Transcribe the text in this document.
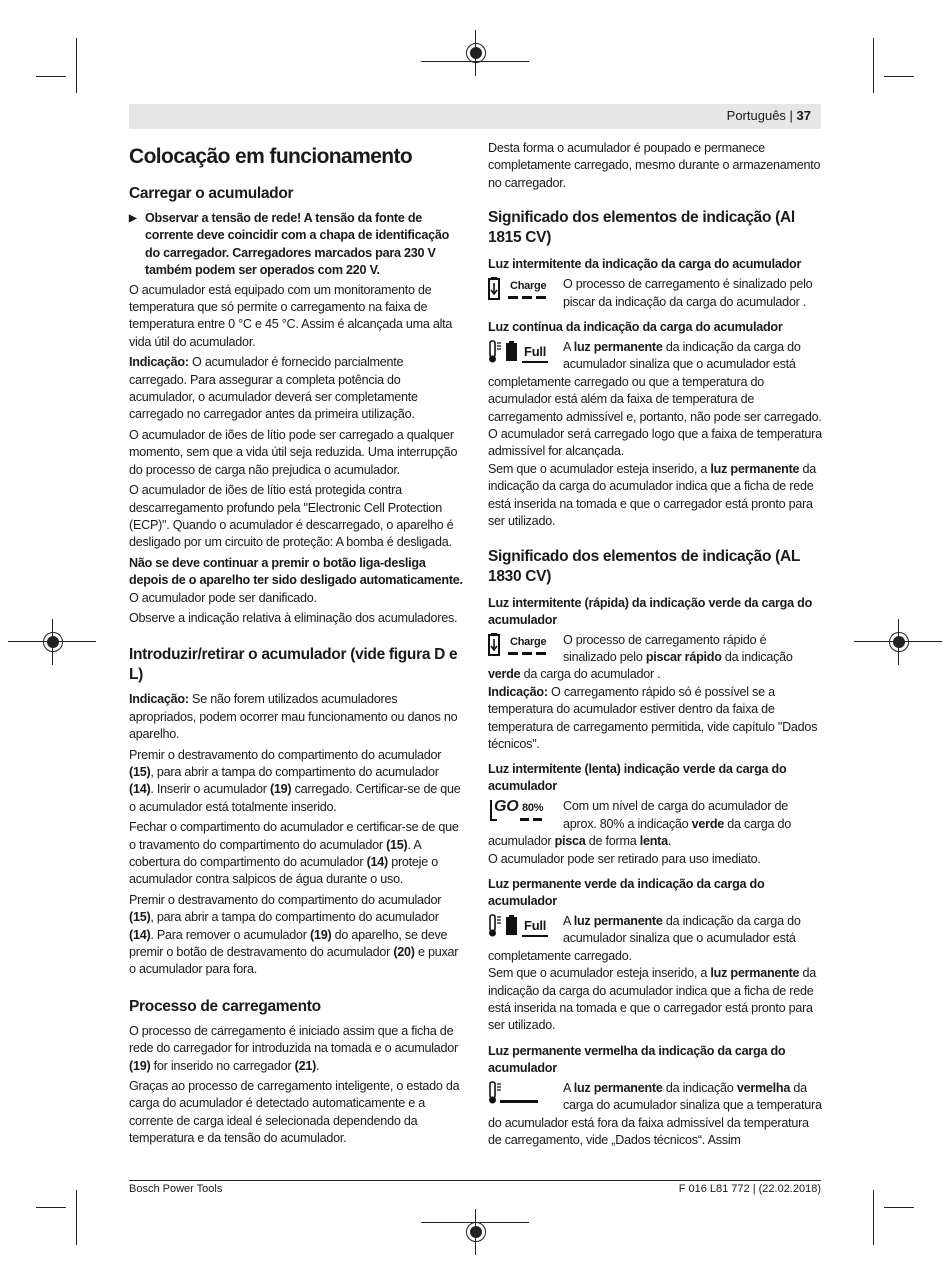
Português | 37
Colocação em funcionamento
Carregar o acumulador
▶ Observar a tensão de rede! A tensão da fonte de corrente deve coincidir com a chapa de identificação do carregador. Carregadores marcados para 230 V também podem ser operados com 220 V.

O acumulador está equipado com um monitoramento de temperatura que só permite o carregamento na faixa de temperatura entre 0 °C e 45 °C. Assim é alcançada uma alta vida útil do acumulador.

Indicação: O acumulador é fornecido parcialmente carregado. Para assegurar a completa potência do acumulador, o acumulador deverá ser completamente carregado no carregador antes da primeira utilização.

O acumulador de iões de lítio pode ser carregado a qualquer momento, sem que a vida útil seja reduzida. Uma interrupção do processo de carga não prejudica o acumulador.

O acumulador de iões de lítio está protegida contra descarregamento profundo pela "Electronic Cell Protection (ECP)". Quando o acumulador é descarregado, o aparelho é desligado por um circuito de proteção: A bomba é desligada.

Não se deve continuar a premir o botão liga-desliga depois de o aparelho ter sido desligado automaticamente. O acumulador pode ser danificado.

Observe a indicação relativa à eliminação dos acumuladores.

Introduzir/retirar o acumulador (vide figura D e L)

Indicação: Se não forem utilizados acumuladores apropriados, podem ocorrer mau funcionamento ou danos no aparelho.

Premir o destravamento do compartimento do acumulador (15), para abrir a tampa do compartimento do acumulador (14). Inserir o acumulador (19) carregado. Certificar-se de que o acumulador está totalmente inserido.

Fechar o compartimento do acumulador e certificar-se de que o travamento do compartimento do acumulador (15). A cobertura do compartimento do acumulador (14) proteje o acumulador contra salpicos de água durante o uso.

Premir o destravamento do compartimento do acumulador (15), para abrir a tampa do compartimento do acumulador (14). Para remover o acumulador (19) do aparelho, se deve premir o botão de destravamento do acumulador (20) e puxar o acumulador para fora.

Processo de carregamento

O processo de carregamento é iniciado assim que a ficha de rede do carregador for introduzida na tomada e o acumulador (19) for inserido no carregador (21).

Graças ao processo de carregamento inteligente, o estado da carga do acumulador é detectado automaticamente e a corrente de carga ideal é selecionada dependendo da temperatura e da tensão do acumulador.

Desta forma o acumulador é poupado e permanece completamente carregado, mesmo durante o armazenamento no carregador.

Significado dos elementos de indicação (Al 1815 CV)
Luz intermitente da indicação da carga do acumulador
Charge O processo de carregamento é sinalizado pelo piscar da indicação da carga do acumulador .
Luz contínua da indicação da carga do acumulador
Full A luz permanente da indicação da carga do acumulador sinaliza que o acumulador está completamente carregado ou que a temperatura do acumulador está além da faixa de temperatura de carregamento admissível e, portanto, não pode ser carregado. O acumulador será carregado logo que a faixa de temperatura admissível for alcançada.

Sem que o acumulador esteja inserido, a luz permanente da indicação da carga do acumulador indica que a ficha de rede está inserida na tomada e que o carregador está pronto para ser utilizado.

Significado dos elementos de indicação (AL 1830 CV)
Luz intermitente (rápida) da indicação verde da carga do acumulador
Charge O processo de carregamento rápido é sinalizado pelo piscar rápido da indicação verde da carga do acumulador .

Indicação: O carregamento rápido só é possível se a temperatura do acumulador estiver dentro da faixa de temperatura de carregamento permitida, vide capítulo "Dados técnicos".

Luz intermitente (lenta) indicação verde da carga do acumulador
GO 80% Com um nível de carga do acumulador de aprox. 80% a indicação verde da carga do acumulador pisca de forma lenta.

O acumulador pode ser retirado para uso imediato.

Luz permanente verde da indicação da carga do acumulador
Full A luz permanente da indicação da carga do acumulador sinaliza que o acumulador está completamente carregado.

Sem que o acumulador esteja inserido, a luz permanente da indicação da carga do acumulador indica que a ficha de rede está inserida na tomada e que o carregador está pronto para ser utilizado.

Luz permanente vermelha da indicação da carga do acumulador
A luz permanente da indicação vermelha da carga do acumulador sinaliza que a temperatura do acumulador está fora da faixa admissível da temperatura de carregamento, vide „Dados técnicos“. Assim
Bosch Power Tools	F 016 L81 772 | (22.02.2018)
